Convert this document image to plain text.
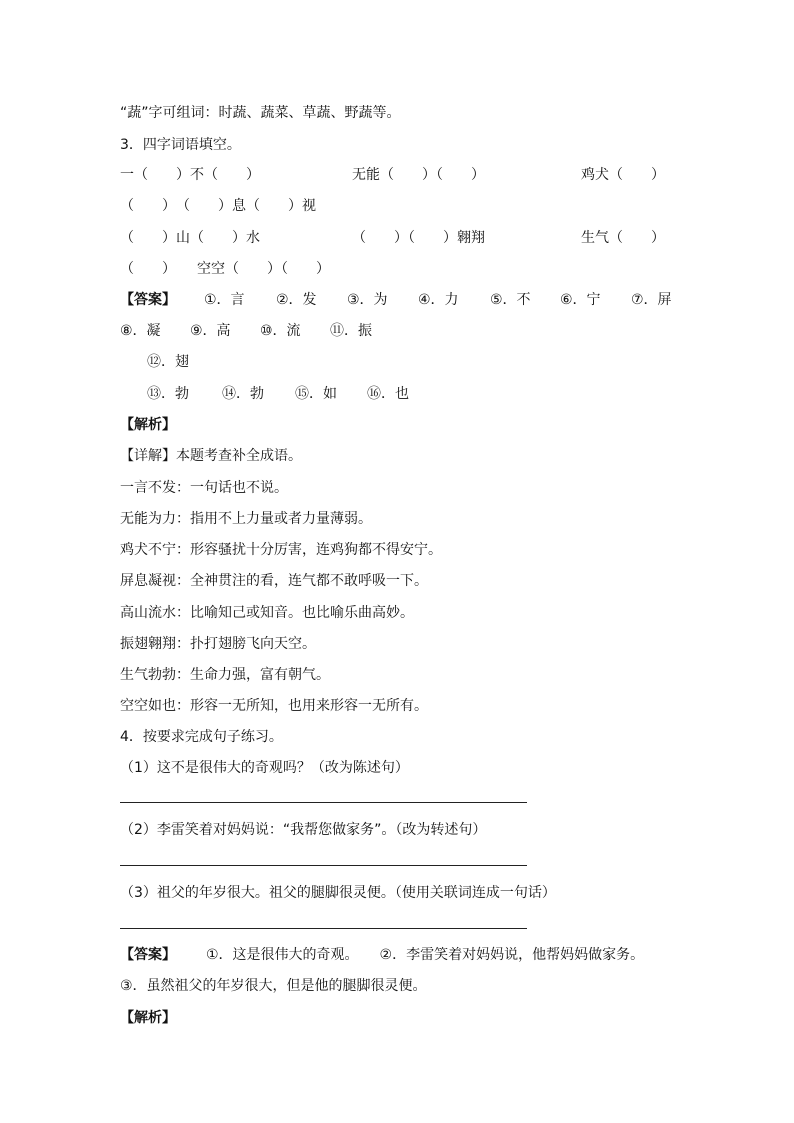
“蔬”字可组词：时蔬、蔬菜、草蔬、野蔬等。
3．四字词语填空。
一（　　）不（　　）	无能（　　）（　　）	鸡犬（　　）
（　　）　（　　）息（　　）视
（　　）山（　　）水	（　　）（　　）翱翔	生气（　　）
（　　）　　空空（　　）（　　）
【答案】 ①．言 ②．发 ③．为 ④．力 ⑤．不 ⑥．宁 ⑦．屏
⑧．凝 ⑨．高 ⑩．流 ⑪．振
⑫．翅
⑬．勃 ⑭．勃 ⑮．如 ⑯．也
【解析】
【详解】本题考查补全成语。
一言不发：一句话也不说。
无能为力：指用不上力量或者力量薄弱。
鸡犬不宁：形容骚扰十分厉害，连鸡狗都不得安宁。
屏息凝视：全神贯注的看，连气都不敢呼吸一下。
高山流水：比喻知己或知音。也比喻乐曲高妙。
振翅翱翔：扑打翅膀飞向天空。
生气勃勃：生命力强，富有朝气。
空空如也：形容一无所知，也用来形容一无所有。
4．按要求完成句子练习。
（1）这不是很伟大的奇观吗？（改为陈述句）
（2）李雷笑着对妈妈说：“我帮您做家务”。（改为转述句）
（3）祖父的年岁很大。祖父的腿脚很灵便。（使用关联词连成一句话）
【答案】 ①．这是很伟大的奇观。　　②．李雷笑着对妈妈说，他帮妈妈做家务。
③．虽然祖父的年岁很大，但是他的腿脚很灵便。
【解析】
